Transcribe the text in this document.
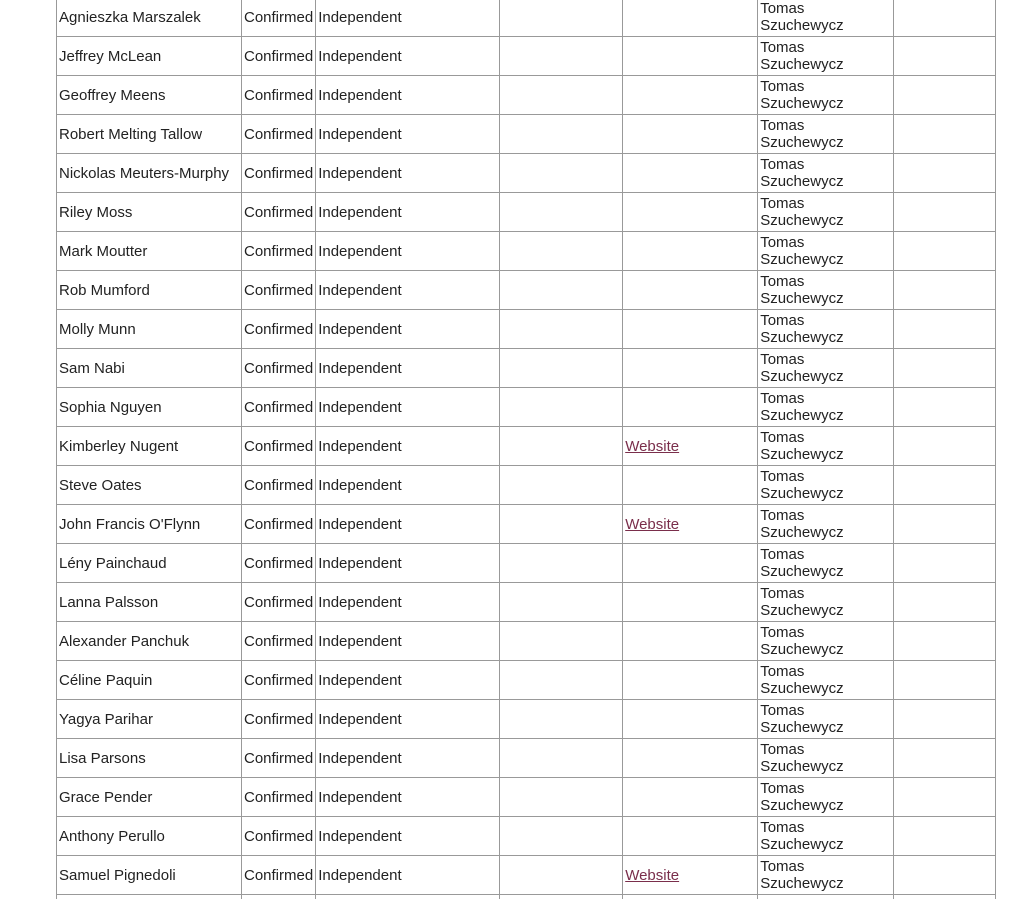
Agnieszka Marszalek	Confirmed	Independent			Tomas
Szuchewycz	
Jeffrey McLean	Confirmed	Independent			Tomas
Szuchewycz	
Geoffrey Meens	Confirmed	Independent			Tomas
Szuchewycz	
Robert Melting Tallow	Confirmed	Independent			Tomas
Szuchewycz	
Nickolas Meuters-Murphy	Confirmed	Independent			Tomas
Szuchewycz	
Riley Moss	Confirmed	Independent			Tomas
Szuchewycz	
Mark Moutter	Confirmed	Independent			Tomas
Szuchewycz	
Rob Mumford	Confirmed	Independent			Tomas
Szuchewycz	
Molly Munn	Confirmed	Independent			Tomas
Szuchewycz	
Sam Nabi	Confirmed	Independent			Tomas
Szuchewycz	
Sophia Nguyen	Confirmed	Independent			Tomas
Szuchewycz	
Kimberley Nugent	Confirmed	Independent		Website	Tomas
Szuchewycz	
Steve Oates	Confirmed	Independent			Tomas
Szuchewycz	
John Francis O'Flynn	Confirmed	Independent		Website	Tomas
Szuchewycz	
Lény Painchaud	Confirmed	Independent			Tomas
Szuchewycz	
Lanna Palsson	Confirmed	Independent			Tomas
Szuchewycz	
Alexander Panchuk	Confirmed	Independent			Tomas
Szuchewycz	
Céline Paquin	Confirmed	Independent			Tomas
Szuchewycz	
Yagya Parihar	Confirmed	Independent			Tomas
Szuchewycz	
Lisa Parsons	Confirmed	Independent			Tomas
Szuchewycz	
Grace Pender	Confirmed	Independent			Tomas
Szuchewycz	
Anthony Perullo	Confirmed	Independent			Tomas
Szuchewycz	
Samuel Pignedoli	Confirmed	Independent		Website	Tomas
Szuchewycz	
